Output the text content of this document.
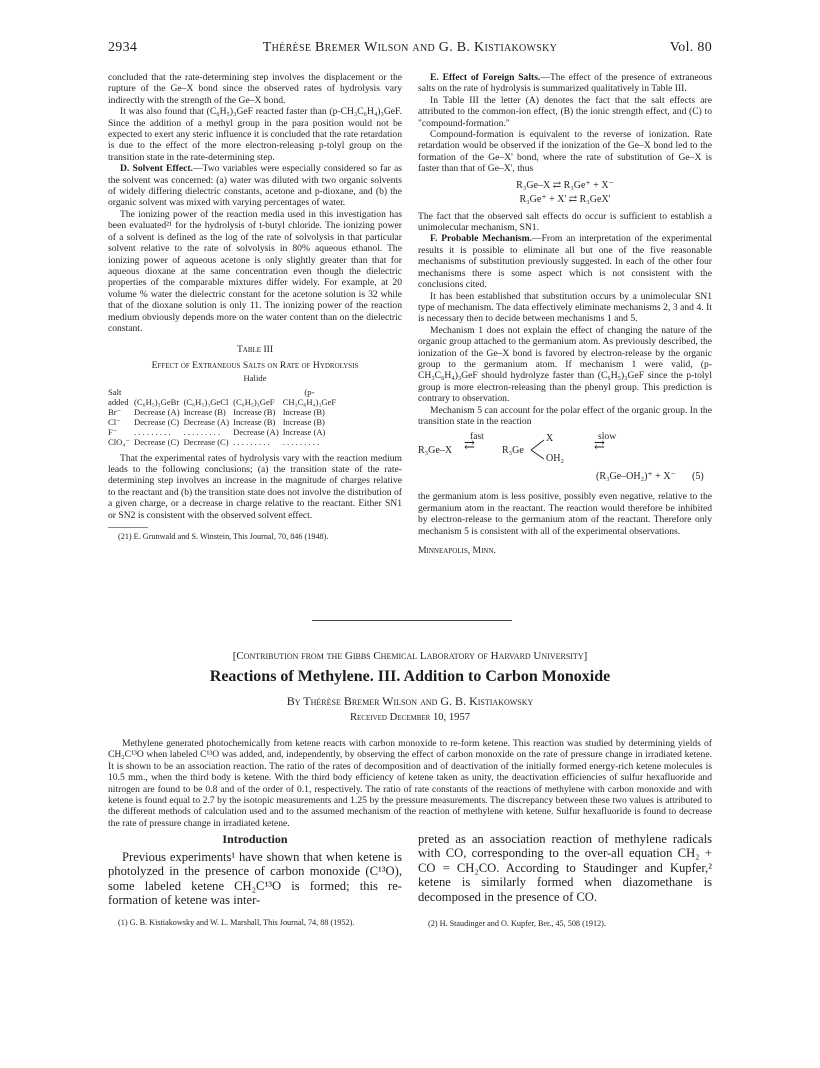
2934	Thérèse Bremer Wilson and G. B. Kistiakowsky	Vol. 80

concluded that the rate-determining step involves the displacement or the rupture of the Ge–X bond since the observed rates of hydrolysis vary indirectly with the strength of the Ge–X bond.

It was also found that (C₆H₅)₃GeF reacted faster than (p-CH₃C₆H₄)₃GeF. Since the addition of a methyl group in the para position would not be expected to exert any steric influence it is concluded that the rate retardation is due to the effect of the more electron-releasing p-tolyl group on the transition state in the rate-determining step.

D. Solvent Effect.—Two variables were especially considered so far as the solvent was concerned: (a) water was diluted with two organic solvents of widely differing dielectric constants, acetone and p-dioxane, and (b) the organic solvent was mixed with varying percentages of water.

The ionizing power of the reaction media used in this investigation has been evaluated²¹ for the hydrolysis of t-butyl chloride. The ionizing power of a solvent is defined as the log of the rate of solvolysis in that particular solvent relative to the rate of solvolysis in 80% aqueous ethanol. The ionizing power of aqueous acetone is only slightly greater than that for aqueous dioxane at the same concentration even though the dielectric properties of the comparable mixtures differ widely. For example, at 20 volume % water the dielectric constant for the acetone solution is 32 while that of the dioxane solution is only 11. The ionizing power of the reaction medium obviously depends more on the water content than on the dielectric constant.

Table III
Effect of Extraneous Salts on Rate of Hydrolysis
Halide
Salt added	(C₆H₅)₃GeBr	(C₆H₅)₃GeCl	(C₆H₅)₃GeF	(p-CH₃C₆H₄)₃GeF
Br⁻	Decrease (A)	Increase (B)	Increase (B)	Increase (B)
Cl⁻	Decrease (C)	Decrease (A)	Increase (B)	Increase (B)
F⁻	. . . . . . . . .	. . . . . . . . .	Decrease (A)	Increase (A)
ClO₄⁻	Decrease (C)	Decrease (C)	. . . . . . . . .	. . . . . . . . .

That the experimental rates of hydrolysis vary with the reaction medium leads to the following conclusions; (a) the transition state of the rate-determining step involves an increase in the magnitude of charges relative to the reactant and (b) the transition state does not involve the distribution of a given charge, or a decrease in charge relative to the reactant. Either SN1 or SN2 is consistent with the observed solvent effect.

(21) E. Grunwald and S. Winstein, This Journal, 70, 846 (1948).

E. Effect of Foreign Salts.—The effect of the presence of extraneous salts on the rate of hydrolysis is summarized qualitatively in Table III.

In Table III the letter (A) denotes the fact that the salt effects are attributed to the common-ion effect, (B) the ionic strength effect, and (C) to "compound-formation."

Compound-formation is equivalent to the reverse of ionization. Rate retardation would be observed if the ionization of the Ge–X bond led to the formation of the Ge–X' bond, where the rate of substitution of Ge–X is faster than that of Ge–X', thus

R₃Ge–X ⇄ R₃Ge⁺ + X⁻
R₃Ge⁺ + X' ⇄ R₃GeX'

The fact that the observed salt effects do occur is sufficient to establish a unimolecular mechanism, SN1.

F. Probable Mechanism.—From an interpretation of the experimental results it is possible to eliminate all but one of the five reasonable mechanisms of substitution previously suggested. In each of the other four mechanisms there is some aspect which is not consistent with the conclusions cited.

It has been established that substitution occurs by a unimolecular SN1 type of mechanism. The data effectively eliminate mechanisms 2, 3 and 4. It is necessary then to decide between mechanisms 1 and 5.

Mechanism 1 does not explain the effect of changing the nature of the organic group attached to the germanium atom. As previously described, the ionization of the Ge–X bond is favored by electron-release by the organic group to the germanium atom. If mechanism 1 were valid, (p-CH₃C₆H₄)₃GeF should hydrolyze faster than (C₆H₅)₃GeF since the p-tolyl group is more electron-releasing than the phenyl group. This prediction is contrary to observation.

Mechanism 5 can account for the polar effect of the organic group. In the transition state in the reaction

fast	slow
R₃Ge–X ⇄	R₃Ge
X
OH₂
⇄
(R₃Ge–OH₂)⁺ + X⁻ (5)

the germanium atom is less positive, possibly even negative, relative to the germanium atom in the reactant. The reaction would therefore be inhibited by electron-release to the germanium atom of the reactant. Therefore only mechanism 5 is consistent with all of the experimental observations.

Minneapolis, Minn.
[Contribution from the Gibbs Chemical Laboratory of Harvard University]
Reactions of Methylene. III. Addition to Carbon Monoxide
By Thérèse Bremer Wilson and G. B. Kistiakowsky
Received December 10, 1957
Methylene generated photochemically from ketene reacts with carbon monoxide to re-form ketene. This reaction was studied by determining yields of CH₂C¹³O when labeled C¹³O was added, and, independently, by observing the effect of carbon monoxide on the rate of pressure change in irradiated ketene. It is shown to be an association reaction. The ratio of the rates of decomposition and of deactivation of the initially formed energy-rich ketene molecules is 10.5 mm., when the third body is ketene. With the third body efficiency of ketene taken as unity, the deactivation efficiencies of sulfur hexafluoride and nitrogen are found to be 0.8 and of the order of 0.1, respectively. The ratio of rate constants of the reactions of methylene with carbon monoxide and with ketene is found equal to 2.7 by the isotopic measurements and 1.25 by the pressure measurements. The discrepancy between these two values is attributed to the different methods of calculation used and to the assumed mechanism of the reaction of methylene with ketene. Sulfur hexafluoride is found to decrease the rate of pressure change in irradiated ketene.
Introduction
Previous experiments¹ have shown that when ketene is photolyzed in the presence of carbon monoxide (C¹³O), some labeled ketene CH₂C¹³O is formed; this re-formation of ketene was inter-
(1) G. B. Kistiakowsky and W. L. Marshall, This Journal, 74, 88 (1952).
preted as an association reaction of methylene radicals with CO, corresponding to the over-all equation CH₂ + CO = CH₂CO. According to Staudinger and Kupfer,² ketene is similarly formed when diazomethane is decomposed in the presence of CO.
(2) H. Staudinger and O. Kupfer, Ber., 45, 508 (1912).
